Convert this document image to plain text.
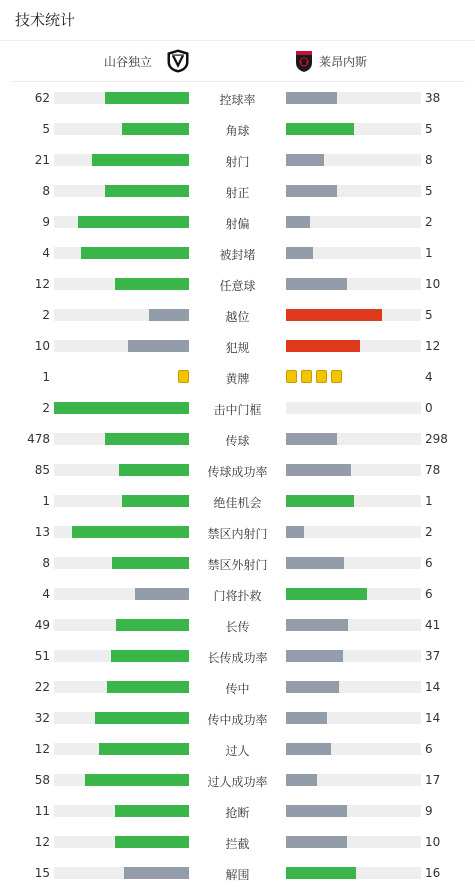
技术统计
山谷独立	莱昂内斯
62	控球率	38
5	角球	5
21	射门	8
8	射正	5
9	射偏	2
4	被封堵	1
12	任意球	10
2	越位	5
10	犯规	12
1	黄牌	4
2	击中门框	0
478	传球	298
85	传球成功率	78
1	绝佳机会	1
13	禁区内射门	2
8	禁区外射门	6
4	门将扑救	6
49	长传	41
51	长传成功率	37
22	传中	14
32	传中成功率	14
12	过人	6
58	过人成功率	17
11	抢断	9
12	拦截	10
15	解围	16
